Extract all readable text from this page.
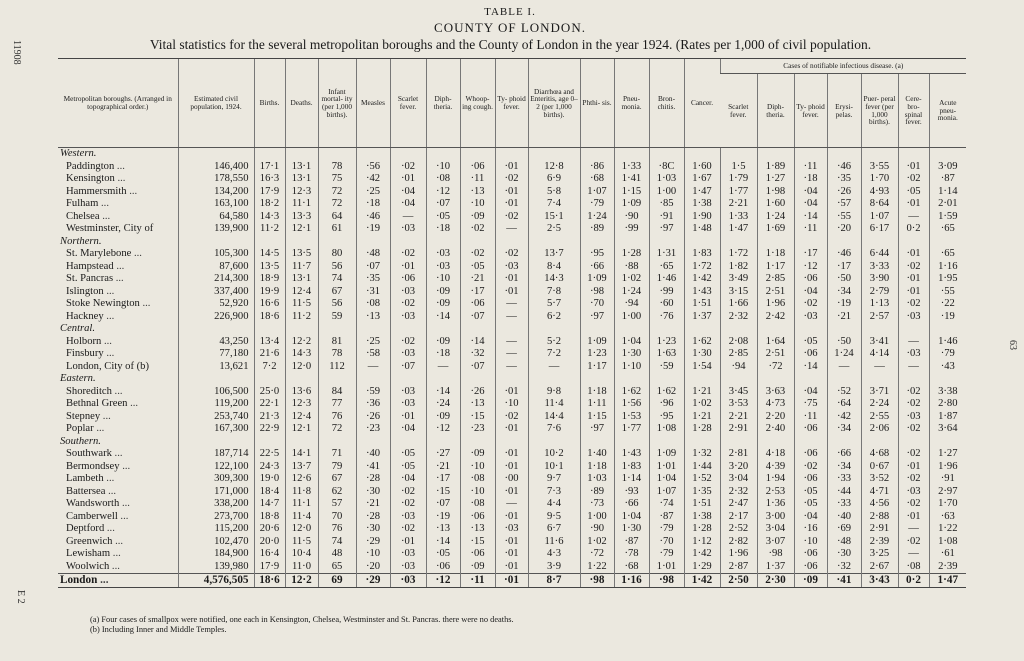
11908
E 2
63
TABLE I.
COUNTY OF LONDON.
Vital statistics for the several metropolitan boroughs and the County of London in the year 1924. (Rates per 1,000 of civil population.
Metropolitan boroughs. (Arranged in topographical order.)	Estimated civil population, 1924.	Births.	Deaths.	Infant mortal- ity (per 1,000 births).	Measles	Scarlet fever.	Diph- theria.	Whoop- ing cough.	Ty- phoid fever.	Diarrhœa and Enteritis, age 0–2 (per 1,000 births).	Phthi- sis.	Pneu- monia.	Bron- chitis.	Cancer.	Cases of notifiable infectious disease. (a)						
															Scarlet fever.	Diph- theria.	Ty- phoid fever.	Erysi- pelas.	Puer- peral fever (per 1,000 births).	Cere- bro- spinal fever.	Acute pneu- monia.
Western.																					
Paddington ...	146,400	17·1	13·1	78	·56	·02	·10	·06	·01	12·8	·86	1·33	·8C	1·60	1·5	1·89	·11	·46	3·55	·01	3·09
Kensington ...	178,550	16·3	13·1	75	·42	·01	·08	·11	·02	6·9	·68	1·41	1·03	1·67	1·79	1·27	·18	·35	1·70	·02	·87
Hammersmith ...	134,200	17·9	12·3	72	·25	·04	·12	·13	·01	5·8	1·07	1·15	1·00	1·47	1·77	1·98	·04	·26	4·93	·05	1·14
Fulham ...	163,100	18·2	11·1	72	·18	·04	·07	·10	·01	7·4	·79	1·09	·85	1·38	2·21	1·60	·04	·57	8·64	·01	2·01
Chelsea ...	64,580	14·3	13·3	64	·46	—	·05	·09	·02	15·1	1·24	·90	·91	1·90	1·33	1·24	·14	·55	1·07	—	1·59
Westminster, City of	139,900	11·2	12·1	61	·19	·03	·18	·02	—	2·5	·89	·99	·97	1·48	1·47	1·69	·11	·20	6·17	0·2	·65
Northern.																					
St. Marylebone ...	105,300	14·5	13·5	80	·48	·02	·03	·02	·02	13·7	·95	1·28	1·31	1·83	1·72	1·18	·17	·46	6·44	·01	·65
Hampstead ...	87,600	13·5	11·7	56	·07	·01	·03	·05	·03	8·4	·66	·88	·65	1·72	1·82	1·17	·12	·17	3·33	·02	1·16
St. Pancras ...	214,300	18·9	13·1	74	·35	·06	·10	·21	·01	14·3	1·09	1·02	1·46	1·42	3·49	2·85	·06	·50	3·90	·01	1·95
Islington ...	337,400	19·9	12·4	67	·31	·03	·09	·17	·01	7·8	·98	1·24	·99	1·43	3·15	2·51	·04	·34	2·79	·01	·55
Stoke Newington ...	52,920	16·6	11·5	56	·08	·02	·09	·06	—	5·7	·70	·94	·60	1·51	1·66	1·96	·02	·19	1·13	·02	·22
Hackney ...	226,900	18·6	11·2	59	·13	·03	·14	·07	—	6·2	·97	1·00	·76	1·37	2·32	2·42	·03	·21	2·57	·03	·19
Central.																					
Holborn ...	43,250	13·4	12·2	81	·25	·02	·09	·14	—	5·2	1·09	1·04	1·23	1·62	2·08	1·64	·05	·50	3·41	—	1·46
Finsbury ...	77,180	21·6	14·3	78	·58	·03	·18	·32	—	7·2	1·23	1·30	1·63	1·30	2·85	2·51	·06	1·24	4·14	·03	·79
London, City of (b)	13,621	7·2	12·0	112	—	·07	—	·07	—	—	1·17	1·10	·59	1·54	·94	·72	·14	—	—	—	·43
Eastern.																					
Shoreditch ...	106,500	25·0	13·6	84	·59	·03	·14	·26	·01	9·8	1·18	1·62	1·62	1·21	3·45	3·63	·04	·52	3·71	·02	3·38
Bethnal Green ...	119,200	22·1	12·3	77	·36	·03	·24	·13	·10	11·4	1·11	1·56	·96	1·02	3·53	4·73	·75	·64	2·24	·02	2·80
Stepney ...	253,740	21·3	12·4	76	·26	·01	·09	·15	·02	14·4	1·15	1·53	·95	1·21	2·21	2·20	·11	·42	2·55	·03	1·87
Poplar ...	167,300	22·9	12·1	72	·23	·04	·12	·23	·01	7·6	·97	1·77	1·08	1·28	2·91	2·40	·06	·34	2·06	·02	3·64
Southern.																					
Southwark ...	187,714	22·5	14·1	71	·40	·05	·27	·09	·01	10·2	1·40	1·43	1·09	1·32	2·81	4·18	·06	·66	4·68	·02	1·27
Bermondsey ...	122,100	24·3	13·7	79	·41	·05	·21	·10	·01	10·1	1·18	1·83	1·01	1·44	3·20	4·39	·02	·34	0·67	·01	1·96
Lambeth ...	309,300	19·0	12·6	67	·28	·04	·17	·08	·00	9·7	1·03	1·14	1·04	1·52	3·04	1·94	·06	·33	3·52	·02	·91
Battersea ...	171,000	18·4	11·8	62	·30	·02	·15	·10	·01	7·3	·89	·93	1·07	1·35	2·32	2·53	·05	·44	4·71	·03	2·97
Wandsworth ...	338,200	14·7	11·1	57	·21	·02	·07	·08	—	4·4	·73	·66	·74	1·51	2·47	1·36	·05	·33	4·56	·02	1·70
Camberwell ...	273,700	18·8	11·4	70	·28	·03	·19	·06	·01	9·5	1·00	1·04	·87	1·38	2·17	3·00	·04	·40	2·88	·01	·63
Deptford ...	115,200	20·6	12·0	76	·30	·02	·13	·13	·03	6·7	·90	1·30	·79	1·28	2·52	3·04	·16	·69	2·91	—	1·22
Greenwich ...	102,470	20·0	11·5	74	·29	·01	·14	·15	·01	11·6	1·02	·87	·70	1·12	2·82	3·07	·10	·48	2·39	·02	1·08
Lewisham ...	184,900	16·4	10·4	48	·10	·03	·05	·06	·01	4·3	·72	·78	·79	1·42	1·96	·98	·06	·30	3·25	—	·61
Woolwich ...	139,980	17·9	11·0	65	·20	·03	·06	·09	·01	3·9	1·22	·68	1·01	1·29	2·87	1·37	·06	·32	2·67	·08	2·39
London ...	4,576,505	18·6	12·2	69	·29	·03	·12	·11	·01	8·7	·98	1·16	·98	1·42	2·50	2·30	·09	·41	3·43	0·2	1·47
(a) Four cases of smallpox were notified, one each in Kensington, Chelsea, Westminster and St. Pancras. there were no deaths.
(b) Including Inner and Middle Temples.
